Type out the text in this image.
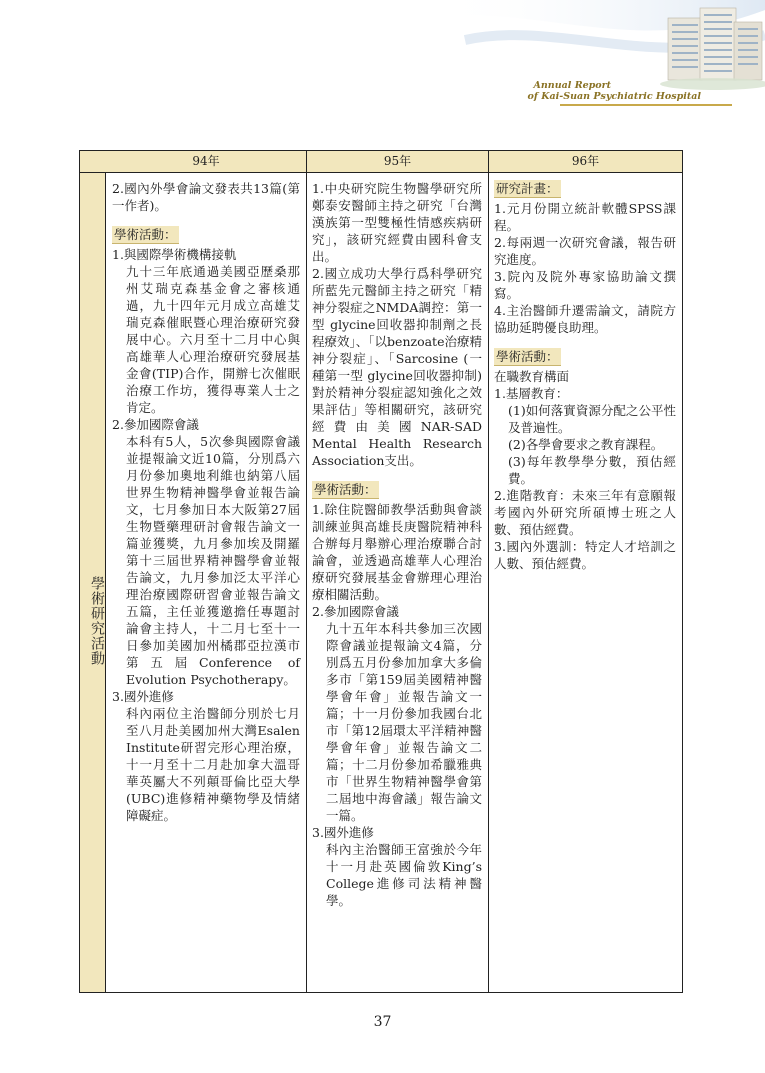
Annual Report
of Kai-Suan Psychiatric Hospital
學術研究活動
94年	95年	96年

2.國內外學會論文發表共13篇(第一作者)。

學術活動：

1.與國際學術機構接軌

九十三年底通過美國亞歷桑那州艾瑞克森基金會之審核通過，九十四年元月成立高雄艾瑞克森催眠暨心理治療研究發展中心。六月至十二月中心與高雄華人心理治療研究發展基金會(TIP)合作，開辦七次催眠治療工作坊，獲得專業人士之肯定。

2.參加國際會議

本科有5人，5次參與國際會議並提報論文近10篇，分別爲六月份參加奧地利維也納第八屆世界生物精神醫學會並報告論文，七月參加日本大阪第27屆生物暨藥理研討會報告論文一篇並獲獎，九月參加埃及開羅第十三屆世界精神醫學會並報告論文，九月參加泛太平洋心理治療國際研習會並報告論文五篇，主任並獲邀擔任專題討論會主持人，十二月七至十一日參加美國加州橘郡亞拉漢市第五屆Conference of Evolution Psychotherapy。

3.國外進修

科內兩位主治醫師分別於七月至八月赴美國加州大灣Esalen Institute研習完形心理治療，十一月至十二月赴加拿大溫哥華英屬大不列顛哥倫比亞大學(UBC)進修精神藥物學及情緒障礙症。

1.中央研究院生物醫學研究所鄭泰安醫師主持之研究「台灣漢族第一型雙極性情感疾病研究」，該研究經費由國科會支出。

2.國立成功大學行爲科學研究所藍先元醫師主持之研究「精神分裂症之NMDA調控：第一型 glycine回收器抑制劑之長程療效」、「以benzoate治療精神分裂症」、「Sarcosine (一種第一型 glycine回收器抑制)對於精神分裂症認知強化之效果評估」等相關研究，該研究經費由美國NAR-SAD Mental Health Research Association支出。

學術活動：

1.除住院醫師教學活動與會談訓練並與高雄長庚醫院精神科合辦每月舉辦心理治療聯合討論會，並透過高雄華人心理治療研究發展基金會辦理心理治療相關活動。

2.參加國際會議

九十五年本科共參加三次國際會議並提報論文4篇，分別爲五月份參加加拿大多倫多市「第159屆美國精神醫學會年會」並報告論文一篇；十一月份參加我國台北市「第12屆環太平洋精神醫學會年會」並報告論文二篇；十二月份參加希臘雅典市「世界生物精神醫學會第二屆地中海會議」報告論文一篇。

3.國外進修

科內主治醫師王富強於今年十一月赴英國倫敦King’s College進修司法精神醫學。

研究計畫：

1.元月份開立統計軟體SPSS課程。

2.每兩週一次研究會議，報告研究進度。

3.院內及院外專家協助論文撰寫。

4.主治醫師升遷需論文，請院方協助延聘優良助理。

學術活動：

在職教育構面

1.基層教育：

(1)如何落實資源分配之公平性及普遍性。

(2)各學會要求之教育課程。

(3)每年教學學分數，預估經費。

2.進階教育：未來三年有意願報考國內外研究所碩博士班之人數、預估經費。

3.國內外選訓：特定人才培訓之人數、預估經費。

37
